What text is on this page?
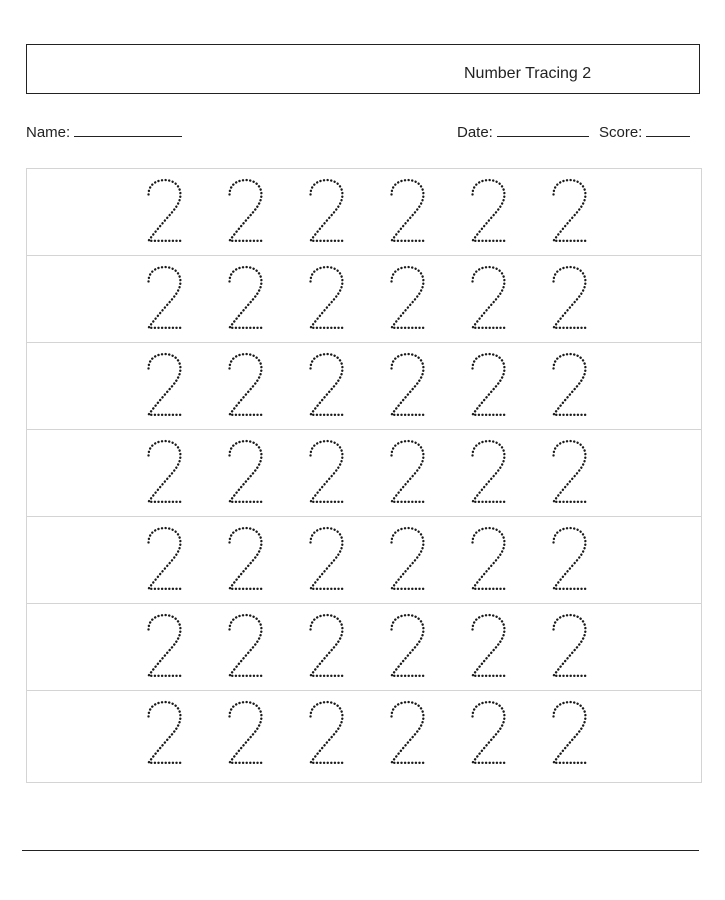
Number Tracing 2
Name:	Date:	Score:
